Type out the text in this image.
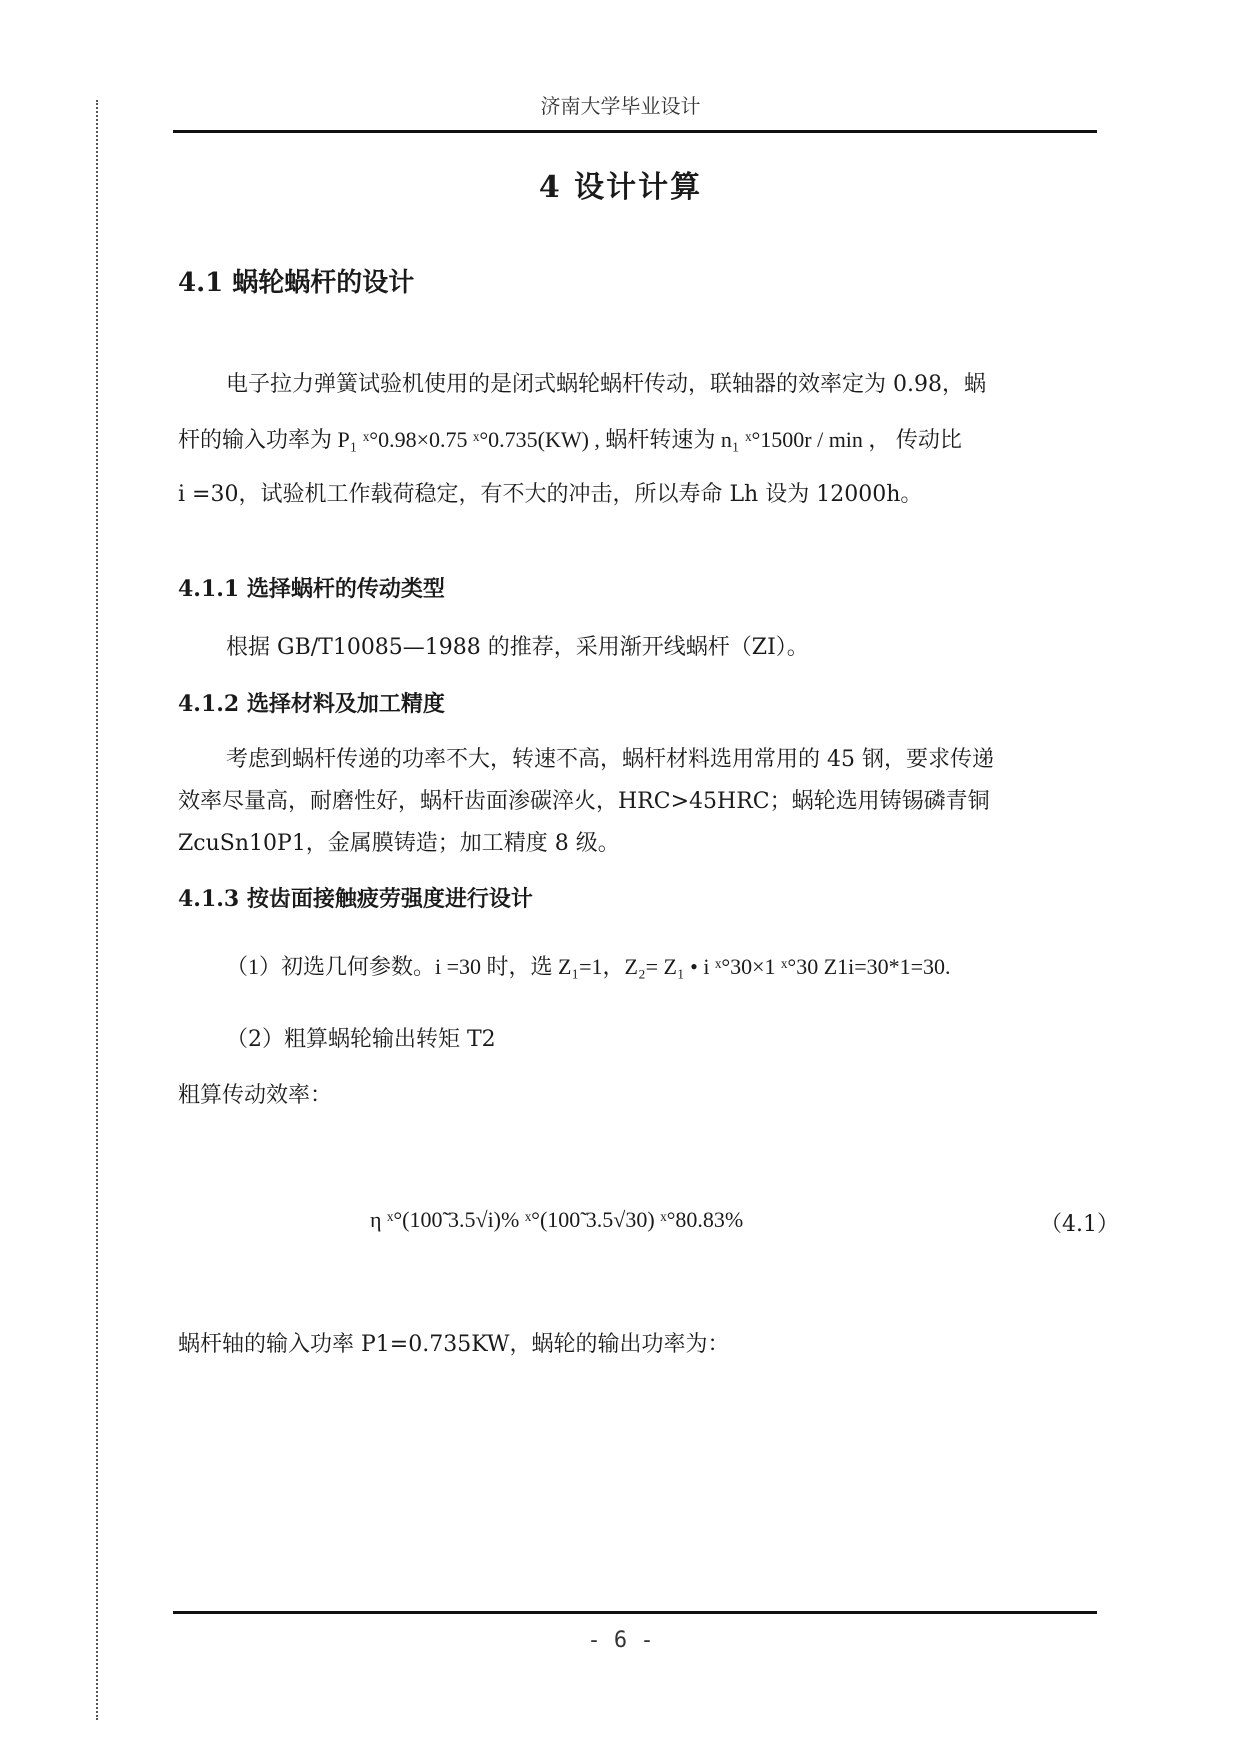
济南大学毕业设计
4 设计计算
4.1 蜗轮蜗杆的设计
电子拉力弹簧试验机使用的是闭式蜗轮蜗杆传动，联轴器的效率定为 0.98，蜗
杆的输入功率为 P₁ ˣ°0.98×0.75 ˣ°0.735(KW) , 蜗杆转速为 n₁ ˣ°1500r / min ， 传动比
i =30，试验机工作载荷稳定，有不大的冲击，所以寿命 Lh 设为 12000h。
4.1.1 选择蜗杆的传动类型
根据 GB/T10085—1988 的推荐，采用渐开线蜗杆（ZI）。
4.1.2 选择材料及加工精度
考虑到蜗杆传递的功率不大，转速不高，蜗杆材料选用常用的 45 钢，要求传递
效率尽量高，耐磨性好，蜗杆齿面渗碳淬火，HRC>45HRC；蜗轮选用铸锡磷青铜
ZcuSn10P1，金属膜铸造；加工精度 8 级。
4.1.3 按齿面接触疲劳强度进行设计
（1）初选几何参数。i =30 时，选 Z₁=1，Z₂= Z₁ • i ˣ°30×1 ˣ°30 Z1i=30*1=30.
（2）粗算蜗轮输出转矩 T2
粗算传动效率：
η ˣ°(100̃ 3.5√i)% ˣ°(100̃ 3.5√30) ˣ°80.83%	（4.1）
蜗杆轴的输入功率 P1=0.735KW，蜗轮的输出功率为：
- 6 -
